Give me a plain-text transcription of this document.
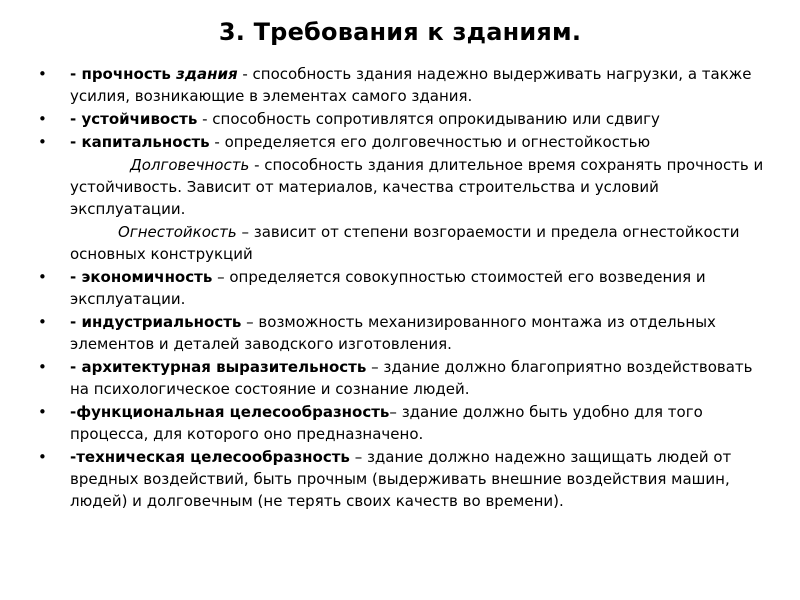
3. Требования к зданиям.
• - прочность здания - способность здания надежно выдерживать нагрузки, а также усилия, возникающие в элементах самого здания.
• - устойчивость - способность сопротивлятся опрокидыванию или сдвигу
• - капитальность - определяется его долговечностью и огнестойкостью
Долговечность - способность здания длительное время сохранять прочность и устойчивость. Зависит от материалов, качества строительства и условий эксплуатации.
Огнестойкость – зависит от степени возгораемости и предела огнестойкости основных конструкций
• - экономичность – определяется совокупностью стоимостей его возведения и эксплуатации.
• - индустриальность – возможность механизированного монтажа из отдельных элементов и деталей заводского изготовления.
• - архитектурная выразительность – здание должно благоприятно воздействовать на психологическое состояние и сознание людей.
• -функциональная целесообразность– здание должно быть удобно для того процесса, для которого оно предназначено.
• -техническая целесообразность – здание должно надежно защищать людей от вредных воздействий, быть прочным (выдерживать внешние воздействия машин, людей) и долговечным (не терять своих качеств во времени).
